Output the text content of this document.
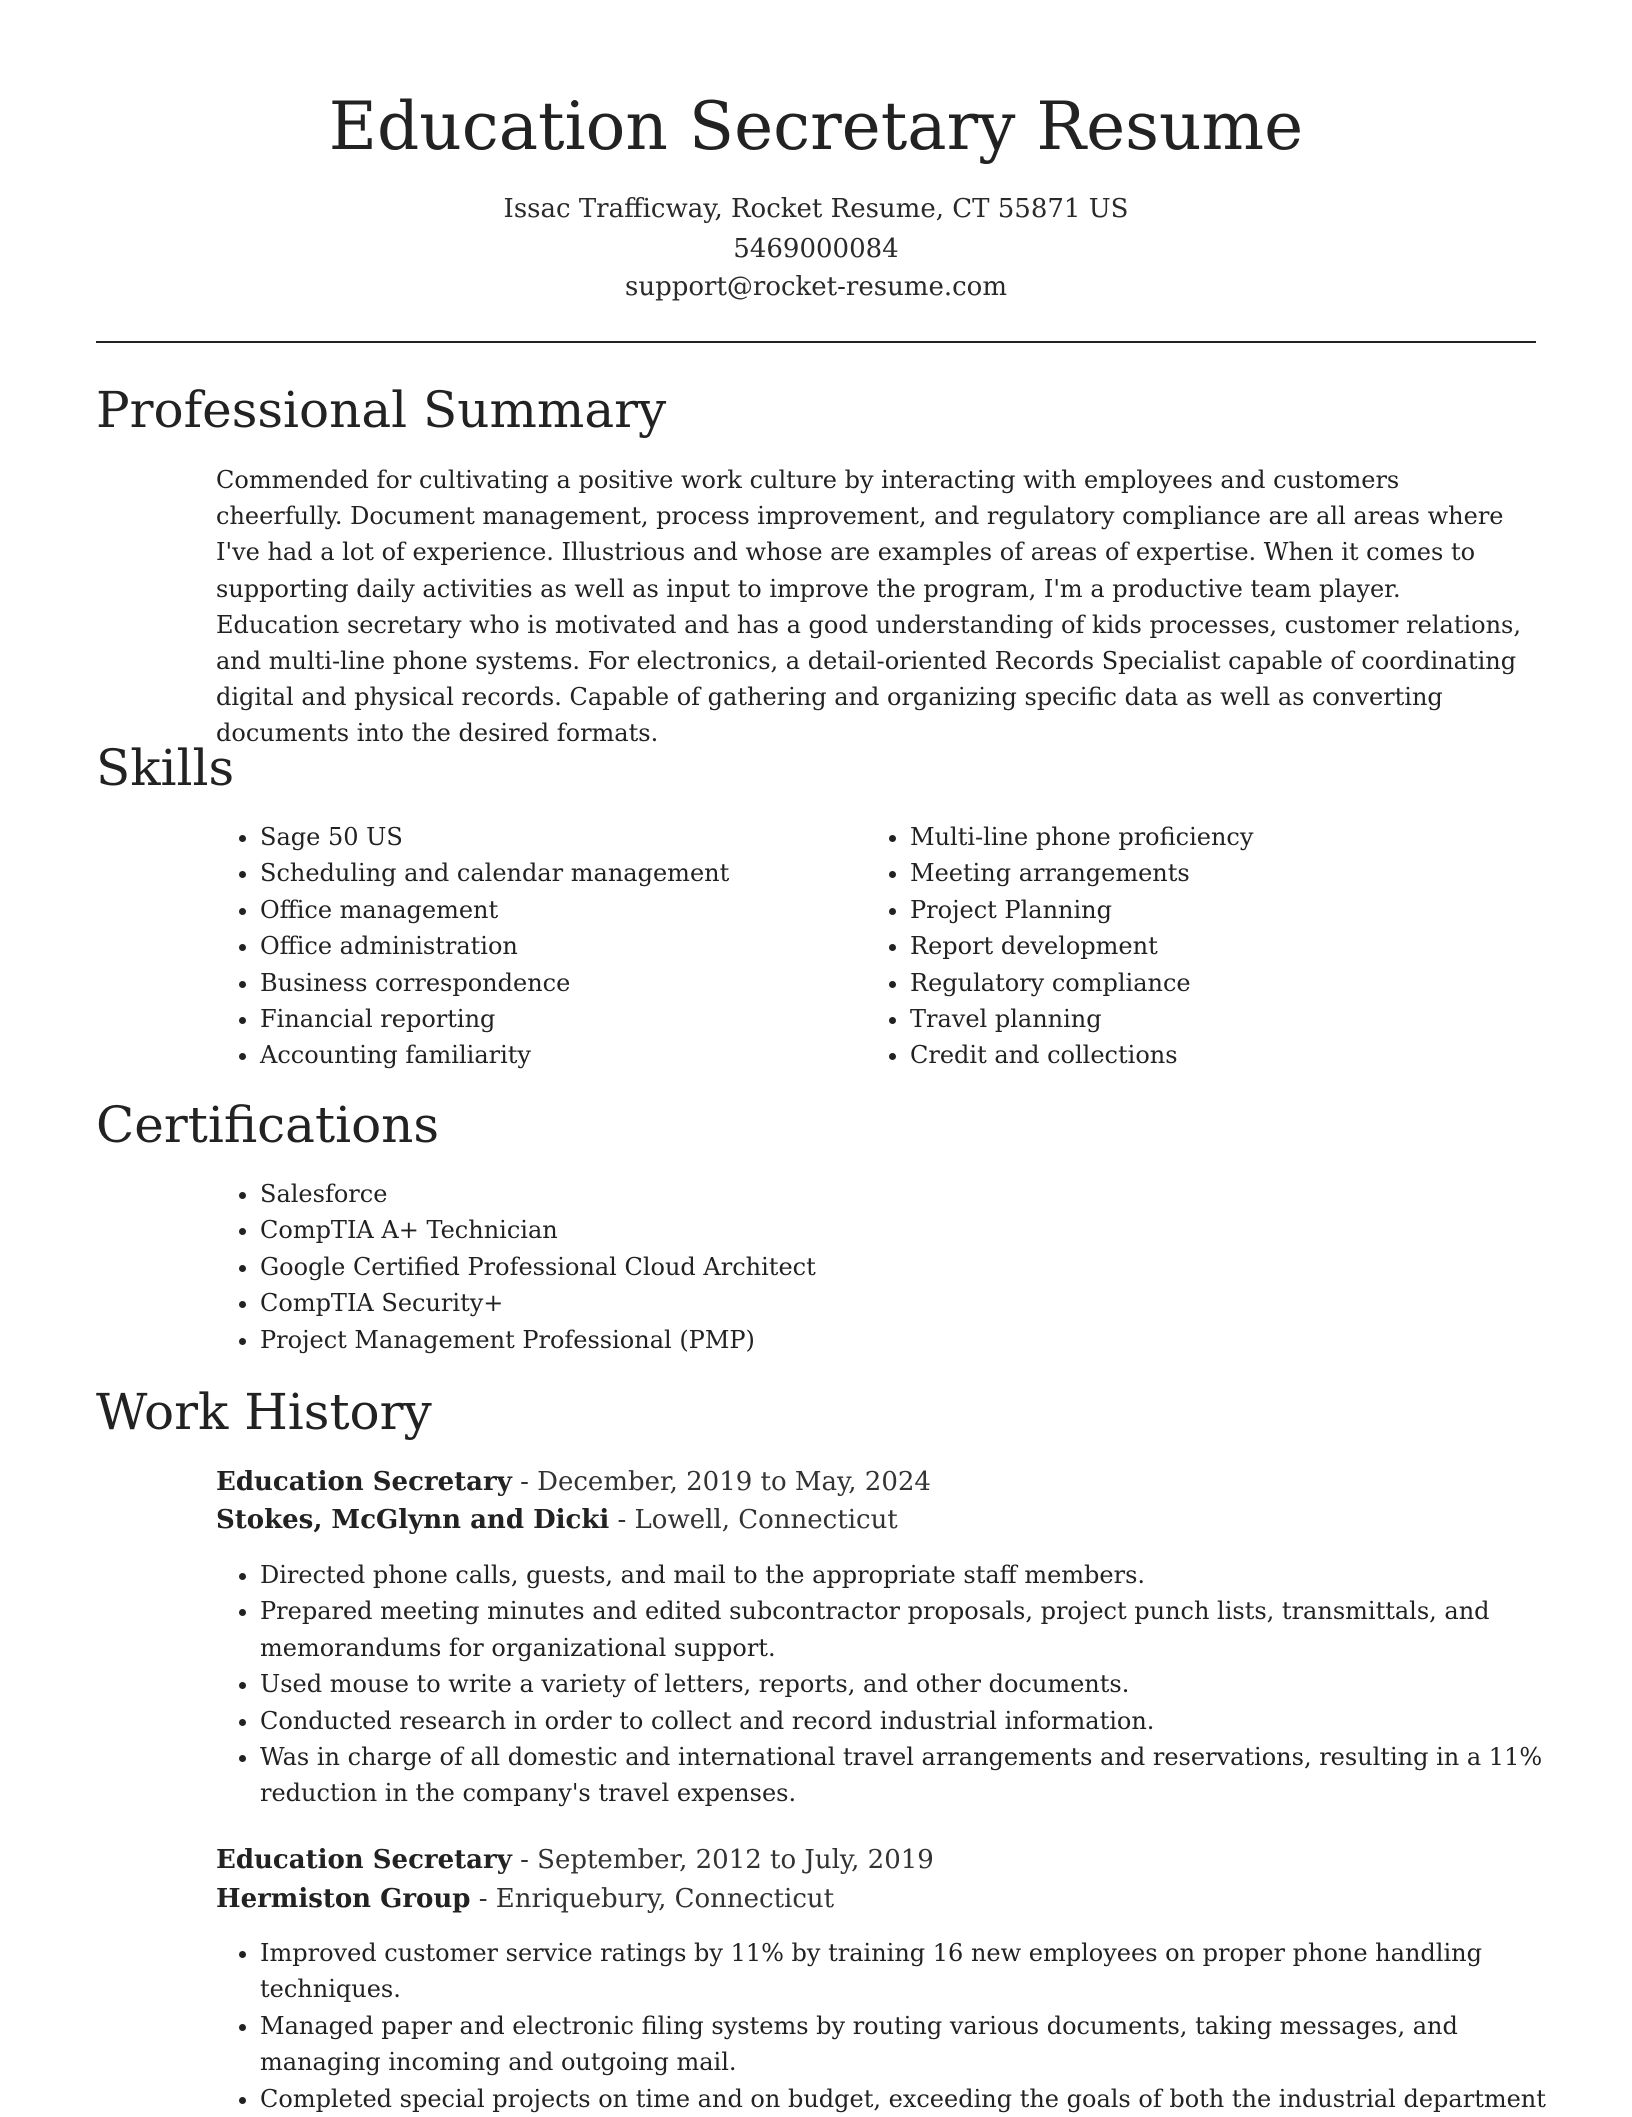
Education Secretary Resume
Issac Trafficway, Rocket Resume, CT 55871 US
5469000084
support@rocket-resume.com
Professional Summary

Commended for cultivating a positive work culture by interacting with employees and customers cheerfully. Document management, process improvement, and regulatory compliance are all areas where I've had a lot of experience. Illustrious and whose are examples of areas of expertise. When it comes to supporting daily activities as well as input to improve the program, I'm a productive team player. Education secretary who is motivated and has a good understanding of kids processes, customer relations, and multi-line phone systems. For electronics, a detail-oriented Records Specialist capable of coordinating digital and physical records. Capable of gathering and organizing specific data as well as converting documents into the desired formats.

Skills
• Sage 50 US
• Scheduling and calendar management
• Office management
• Office administration
• Business correspondence
• Financial reporting
• Accounting familiarity
• Multi-line phone proficiency
• Meeting arrangements
• Project Planning
• Report development
• Regulatory compliance
• Travel planning
• Credit and collections
Certifications
• Salesforce
• CompTIA A+ Technician
• Google Certified Professional Cloud Architect
• CompTIA Security+
• Project Management Professional (PMP)
Work History
Education Secretary - December, 2019 to May, 2024
Stokes, McGlynn and Dicki - Lowell, Connecticut
• Directed phone calls, guests, and mail to the appropriate staff members.
• Prepared meeting minutes and edited subcontractor proposals, project punch lists, transmittals, and memorandums for organizational support.
• Used mouse to write a variety of letters, reports, and other documents.
• Conducted research in order to collect and record industrial information.
• Was in charge of all domestic and international travel arrangements and reservations, resulting in a 11% reduction in the company's travel expenses.
Education Secretary - September, 2012 to July, 2019
Hermiston Group - Enriquebury, Connecticut
• Improved customer service ratings by 11% by training 16 new employees on proper phone handling techniques.
• Managed paper and electronic filing systems by routing various documents, taking messages, and managing incoming and outgoing mail.
• Completed special projects on time and on budget, exceeding the goals of both the industrial department
